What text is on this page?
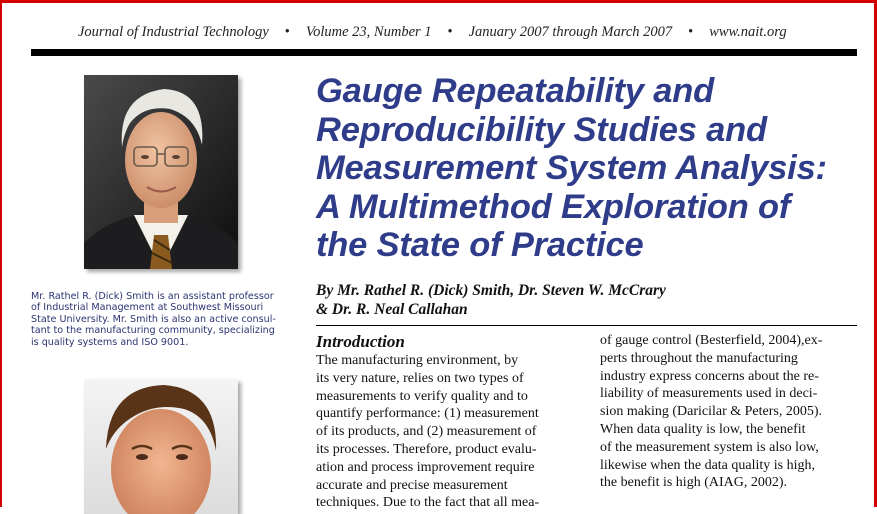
Journal of Industrial Technology • Volume 23, Number 1 • January 2007 through March 2007 • www.nait.org
Mr. Rathel R. (Dick) Smith is an assistant professor
of Industrial Management at Southwest Missouri
State University. Mr. Smith is also an active consul-
tant to the manufacturing community, specializing
is quality systems and ISO 9001.
Gauge Repeatability and
Reproducibility Studies and
Measurement System Analysis:
A Multimethod Exploration of
the State of Practice
By Mr. Rathel R. (Dick) Smith, Dr. Steven W. McCrary
& Dr. R. Neal Callahan
Introduction
The manufacturing environment, by
its very nature, relies on two types of
measurements to verify quality and to
quantify performance: (1) measurement
of its products, and (2) measurement of
its processes. Therefore, product evalu-
ation and process improvement require
accurate and precise measurement
techniques. Due to the fact that all mea-
of gauge control (Besterfield, 2004),ex-
perts throughout the manufacturing
industry express concerns about the re-
liability of measurements used in deci-
sion making (Daricilar & Peters, 2005).
When data quality is low, the benefit
of the measurement system is also low,
likewise when the data quality is high,
the benefit is high (AIAG, 2002).
